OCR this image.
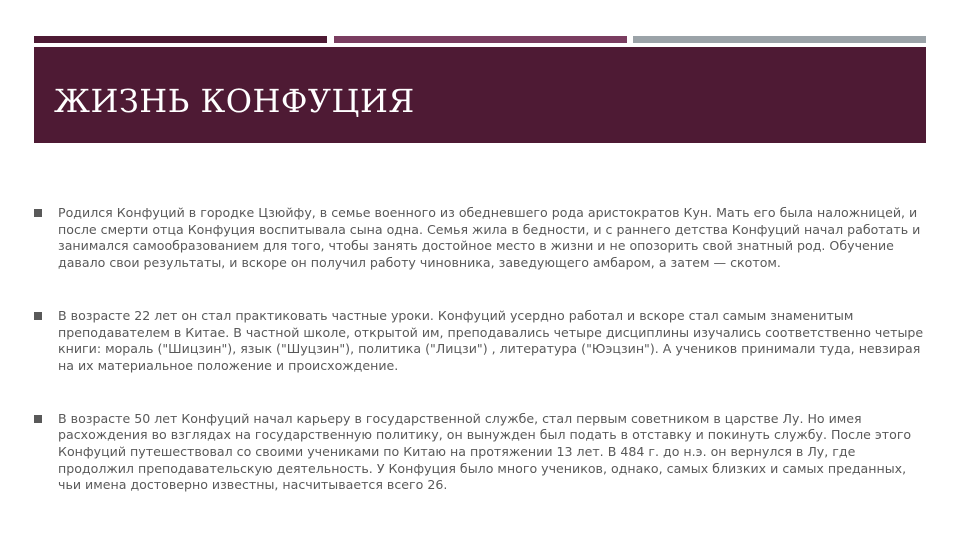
ЖИЗНЬ КОНФУЦИЯ
Родился Конфуций в городке Цзюйфу, в семье военного из обедневшего рода аристократов Кун. Мать его была наложницей, и после смерти отца Конфуция воспитывала сына одна. Семья жила в бедности, и с раннего детства Конфуций начал работать и занимался самообразованием для того, чтобы занять достойное место в жизни и не опозорить свой знатный род. Обучение давало свои результаты, и вскоре он получил работу чиновника, заведующего амбаром, а затем — скотом.
В возрасте 22 лет он стал практиковать частные уроки. Конфуций усердно работал и вскоре стал самым знаменитым преподавателем в Китае. В частной школе, открытой им, преподавались четыре дисциплины изучались соответственно четыре книги: мораль ("Шицзин"), язык ("Шуцзин"), политика ("Лицзи") , литература ("Юэцзин"). А учеников принимали туда, невзирая на их материальное положение и происхождение.
В возрасте 50 лет Конфуций начал карьеру в государственной службе, стал первым советником в царстве Лу. Но имея расхождения во взглядах на государственную политику, он вынужден был подать в отставку и покинуть службу. После этого Конфуций путешествовал со своими учениками по Китаю на протяжении 13 лет. В 484 г. до н.э. он вернулся в Лу, где продолжил преподавательскую деятельность. У Конфуция было много учеников, однако, самых близких и самых преданных, чьи имена достоверно известны, насчитывается всего 26.
